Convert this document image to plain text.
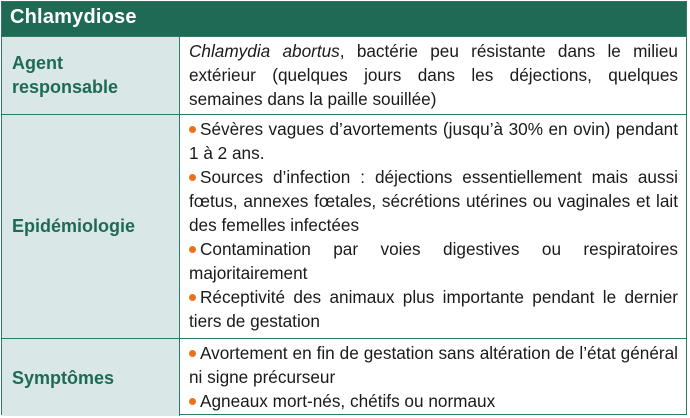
Chlamydiose
Agent responsable

Chlamydia abortus, bactérie peu résistante dans le milieu extérieur (quelques jours dans les déjections, quelques semaines dans la paille souillée)

Epidémiologie

Sévères vagues d’avortements (jusqu’à 30% en ovin) pendant 1 à 2 ans.

Sources d’infection : déjections essentiellement mais aussi fœtus, annexes fœtales, sécrétions utérines ou vaginales et lait des femelles infectées

Contamination par voies digestives ou respiratoires majoritairement

Réceptivité des animaux plus importante pendant le dernier tiers de gestation

Symptômes

Avortement en fin de gestation sans altération de l’état général ni signe précurseur

Agneaux mort-nés, chétifs ou normaux
